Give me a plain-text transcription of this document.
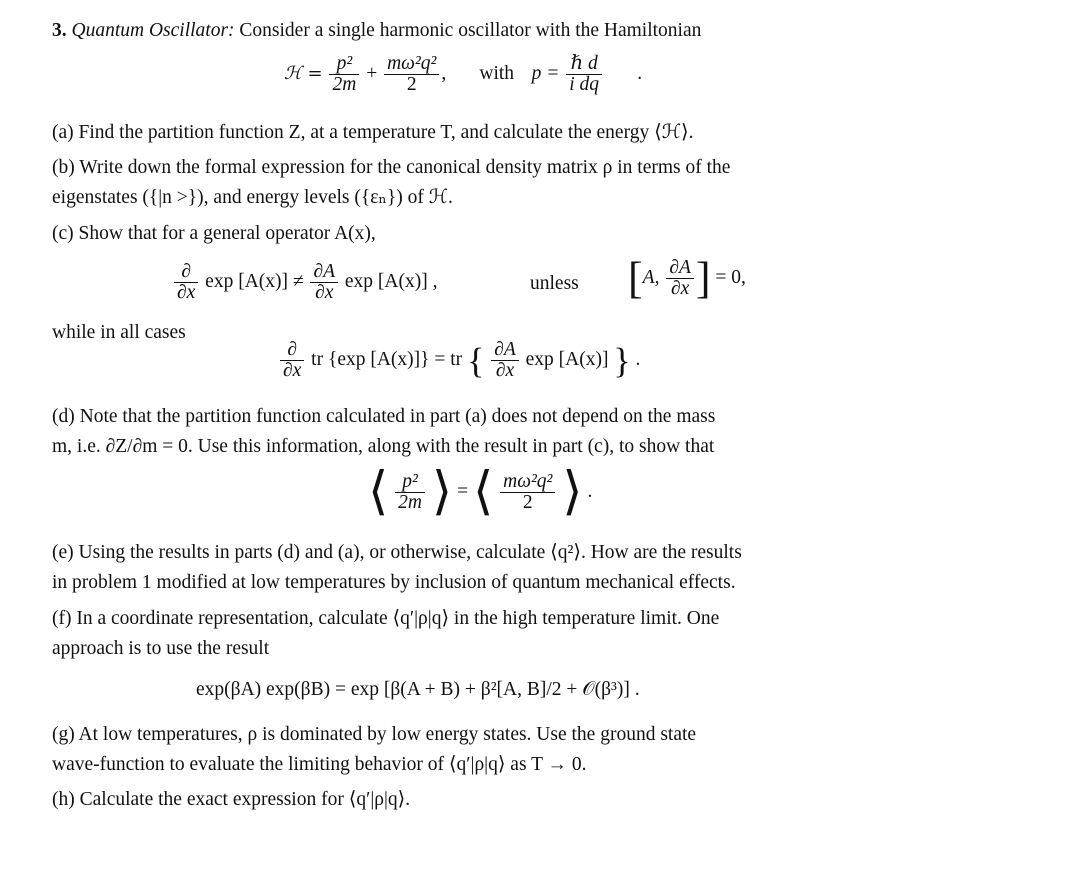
3. Quantum Oscillator: Consider a single harmonic oscillator with the Hamiltonian
ℋ = $\frac{\text{p²}}{2m} + \frac{\text{mω²q²}}{2}$ , with $p = \frac{\text{ℏ d}}{\text{i dq}}$ .
(a) Find the partition function Z, at a temperature T, and calculate the energy ⟨ℋ⟩.
(b) Write down the formal expression for the canonical density matrix ρ in terms of the
eigenstates ({|n >}), and energy levels ({εₙ}) of ℋ.
(c) Show that for a general operator A(x),
$\frac{\partial}{\partial x}$ $\exp [A(x)] \ne \frac{\partial A}{\partial x}$ exp [A(x)] ,	unless [A, $\frac{\partial A}{\partial x}$ ] = 0,
while in all cases
$\frac{\partial}{\partial x}$ tr {exp [A(x)]} = tr { $\frac{\partial A}{\partial x}$ exp [A(x)] } .
(d) Note that the partition function calculated in part (a) does not depend on the mass
m, i.e. ∂Z/∂m = 0. Use this information, along with the result in part (c), to show that
⟨ $\frac{\text{p²}}{2m}$ ⟩ = ⟨ $\frac{\text{mω²q²}}{2}$ ⟩ .
(e) Using the results in parts (d) and (a), or otherwise, calculate ⟨q²⟩. How are the results
in problem 1 modified at low temperatures by inclusion of quantum mechanical effects.
(f) In a coordinate representation, calculate ⟨q′|ρ|q⟩ in the high temperature limit. One
approach is to use the result
exp(βA) exp(βB) = exp [β(A + B) + β²[A, B]/2 + 𝒪(β³)] .
(g) At low temperatures, ρ is dominated by low energy states. Use the ground state
wave-function to evaluate the limiting behavior of ⟨q′|ρ|q⟩ as T → 0.
(h) Calculate the exact expression for ⟨q′|ρ|q⟩.
